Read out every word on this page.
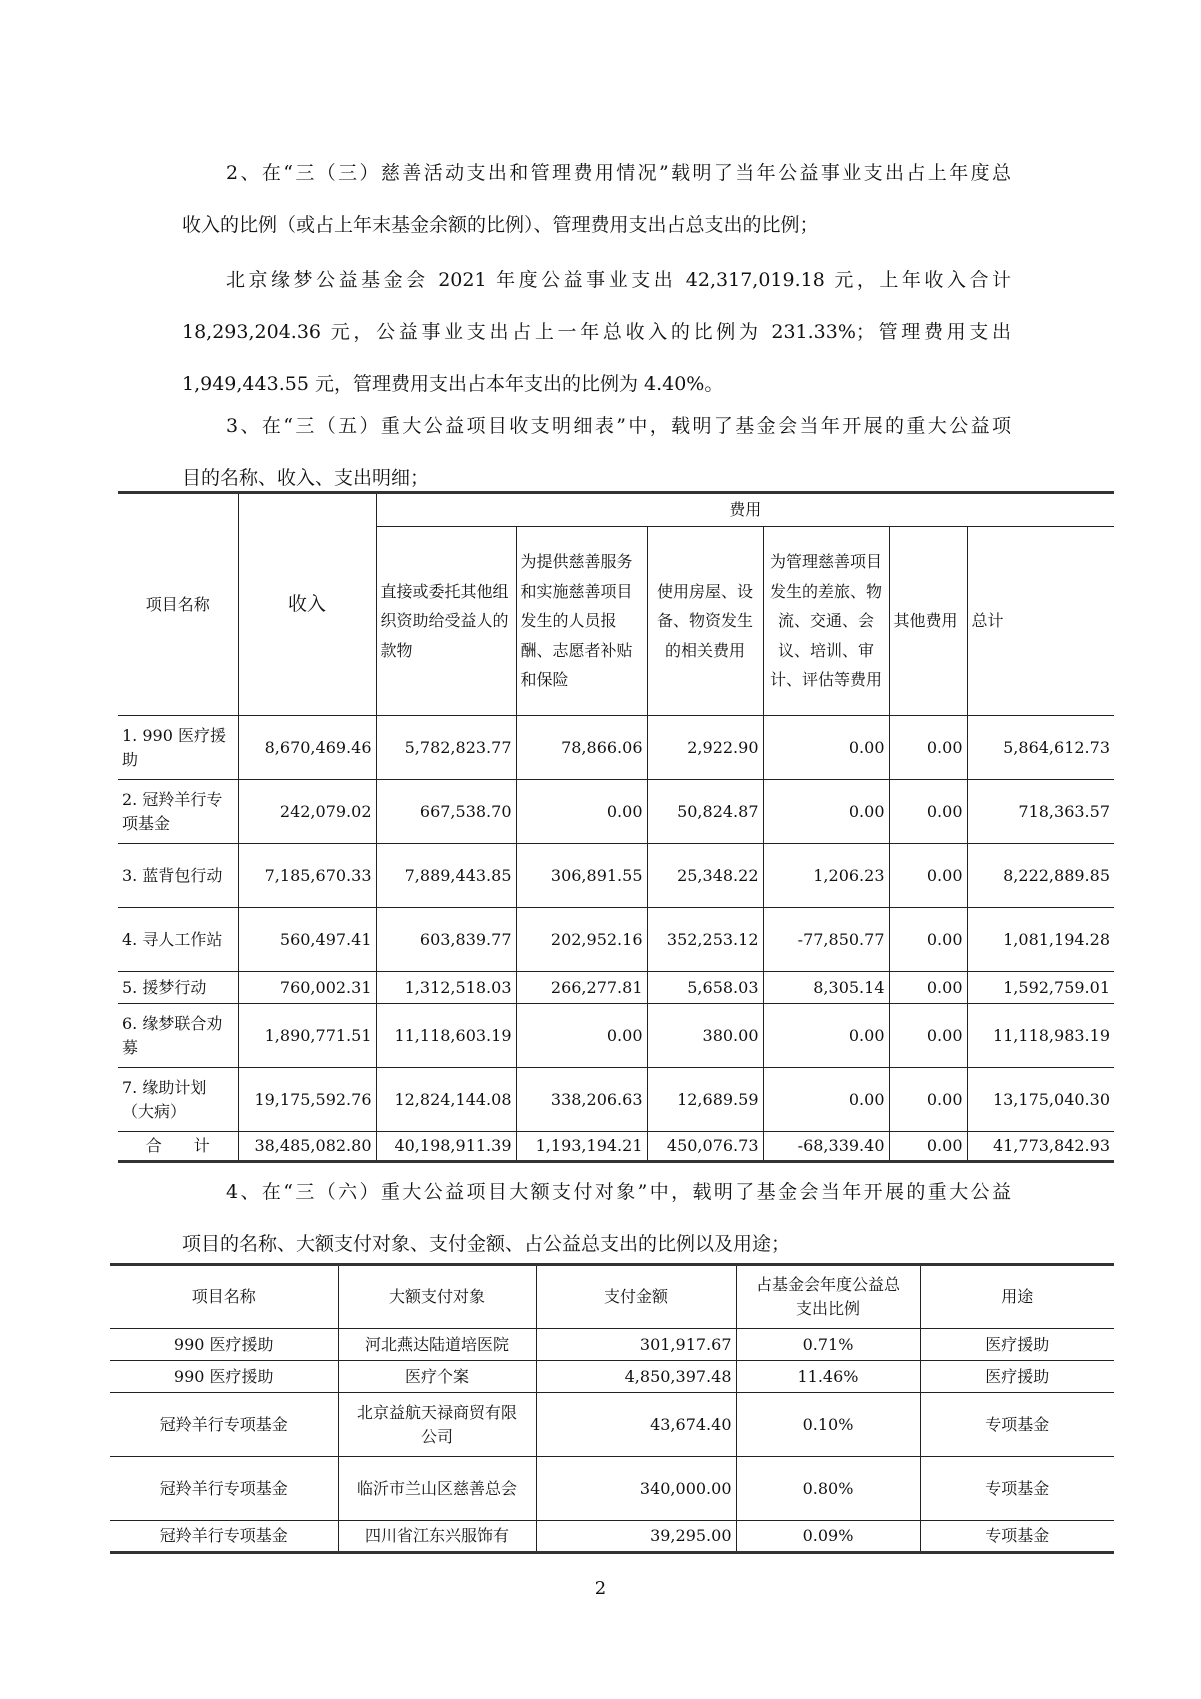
2、在“三（三）慈善活动支出和管理费用情况”载明了当年公益事业支出占上年度总
收入的比例（或占上年末基金余额的比例）、管理费用支出占总支出的比例；
北京缘梦公益基金会 2021 年度公益事业支出 42,317,019.18 元，上年收入合计
18,293,204.36 元，公益事业支出占上一年总收入的比例为 231.33%；管理费用支出
1,949,443.55 元，管理费用支出占本年支出的比例为 4.40%。
3、在“三（五）重大公益项目收支明细表”中，载明了基金会当年开展的重大公益项
目的名称、收入、支出明细；
项目名称	收入	费用					
		直接或委托其他组织资助给受益人的款物	为提供慈善服务和实施慈善项目发生的人员报酬、志愿者补贴和保险	使用房屋、设备、物资发生的相关费用	为管理慈善项目发生的差旅、物流、交通、会议、培训、审计、评估等费用	其他费用	总计
1. 990 医疗援助	8,670,469.46	5,782,823.77	78,866.06	2,922.90	0.00	0.00	5,864,612.73
2. 冠羚羊行专项基金	242,079.02	667,538.70	0.00	50,824.87	0.00	0.00	718,363.57
3. 蓝背包行动	7,185,670.33	7,889,443.85	306,891.55	25,348.22	1,206.23	0.00	8,222,889.85
4. 寻人工作站	560,497.41	603,839.77	202,952.16	352,253.12	-77,850.77	0.00	1,081,194.28
5. 援梦行动	760,002.31	1,312,518.03	266,277.81	5,658.03	8,305.14	0.00	1,592,759.01
6. 缘梦联合劝募	1,890,771.51	11,118,603.19	0.00	380.00	0.00	0.00	11,118,983.19
7. 缘助计划（大病）	19,175,592.76	12,824,144.08	338,206.63	12,689.59	0.00	0.00	13,175,040.30
合　　计	38,485,082.80	40,198,911.39	1,193,194.21	450,076.73	-68,339.40	0.00	41,773,842.93
4、在“三（六）重大公益项目大额支付对象”中，载明了基金会当年开展的重大公益
项目的名称、大额支付对象、支付金额、占公益总支出的比例以及用途；
项目名称	大额支付对象	支付金额	占基金会年度公益总支出比例	用途
990 医疗援助	河北燕达陆道培医院	301,917.67	0.71%	医疗援助
990 医疗援助	医疗个案	4,850,397.48	11.46%	医疗援助
冠羚羊行专项基金	北京益航天禄商贸有限公司	43,674.40	0.10%	专项基金
冠羚羊行专项基金	临沂市兰山区慈善总会	340,000.00	0.80%	专项基金
冠羚羊行专项基金	四川省江东兴服饰有	39,295.00	0.09%	专项基金
2
